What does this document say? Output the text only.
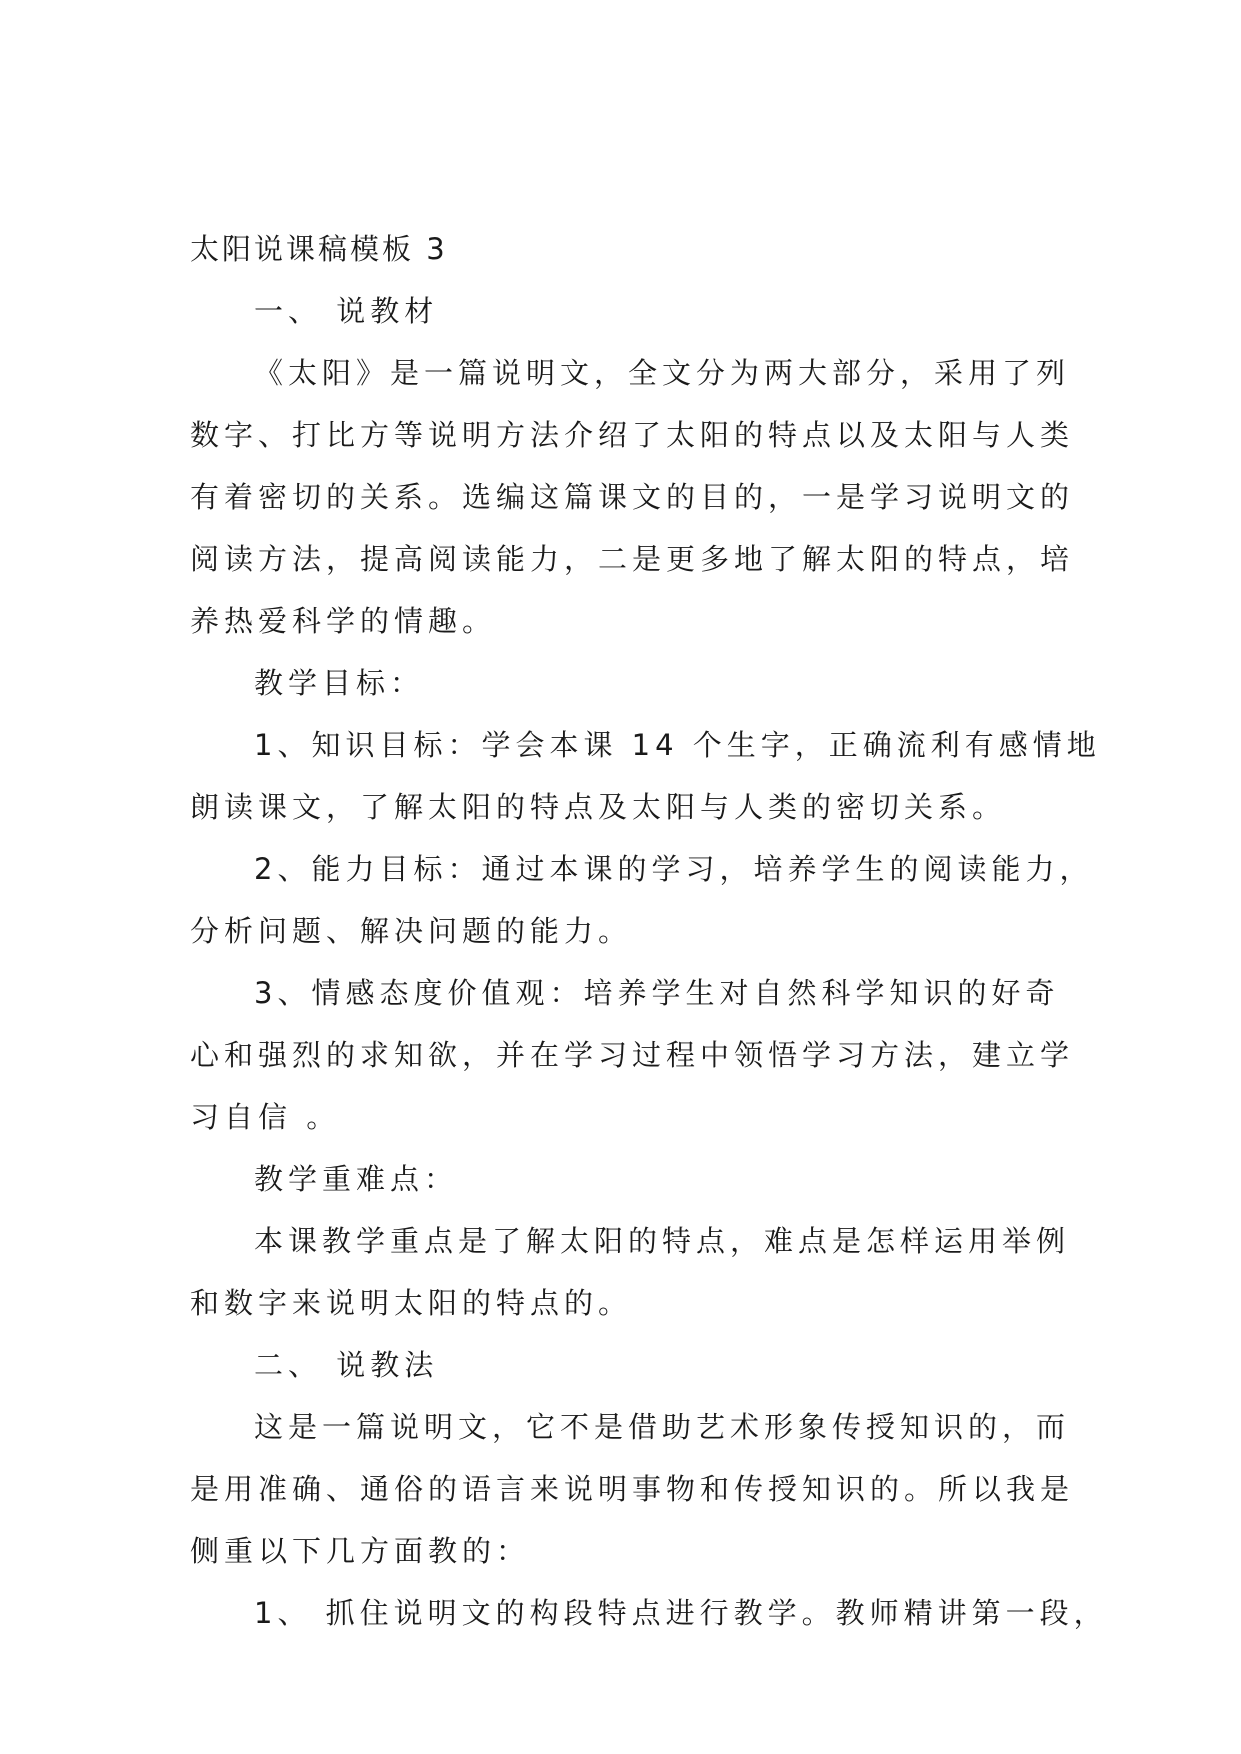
太阳说课稿模板 3
一、 说教材
《太阳》是一篇说明文，全文分为两大部分，采用了列
数字、打比方等说明方法介绍了太阳的特点以及太阳与人类
有着密切的关系。选编这篇课文的目的，一是学习说明文的
阅读方法，提高阅读能力，二是更多地了解太阳的特点，培
养热爱科学的情趣。
教学目标：
1、知识目标：学会本课 14 个生字，正确流利有感情地
朗读课文，了解太阳的特点及太阳与人类的密切关系。
2、能力目标：通过本课的学习，培养学生的阅读能力，
分析问题、解决问题的能力。
3、情感态度价值观：培养学生对自然科学知识的好奇
心和强烈的求知欲，并在学习过程中领悟学习方法，建立学
习自信 。
教学重难点：
本课教学重点是了解太阳的特点，难点是怎样运用举例
和数字来说明太阳的特点的。
二、 说教法
这是一篇说明文，它不是借助艺术形象传授知识的，而
是用准确、通俗的语言来说明事物和传授知识的。所以我是
侧重以下几方面教的：
1、 抓住说明文的构段特点进行教学。教师精讲第一段，
